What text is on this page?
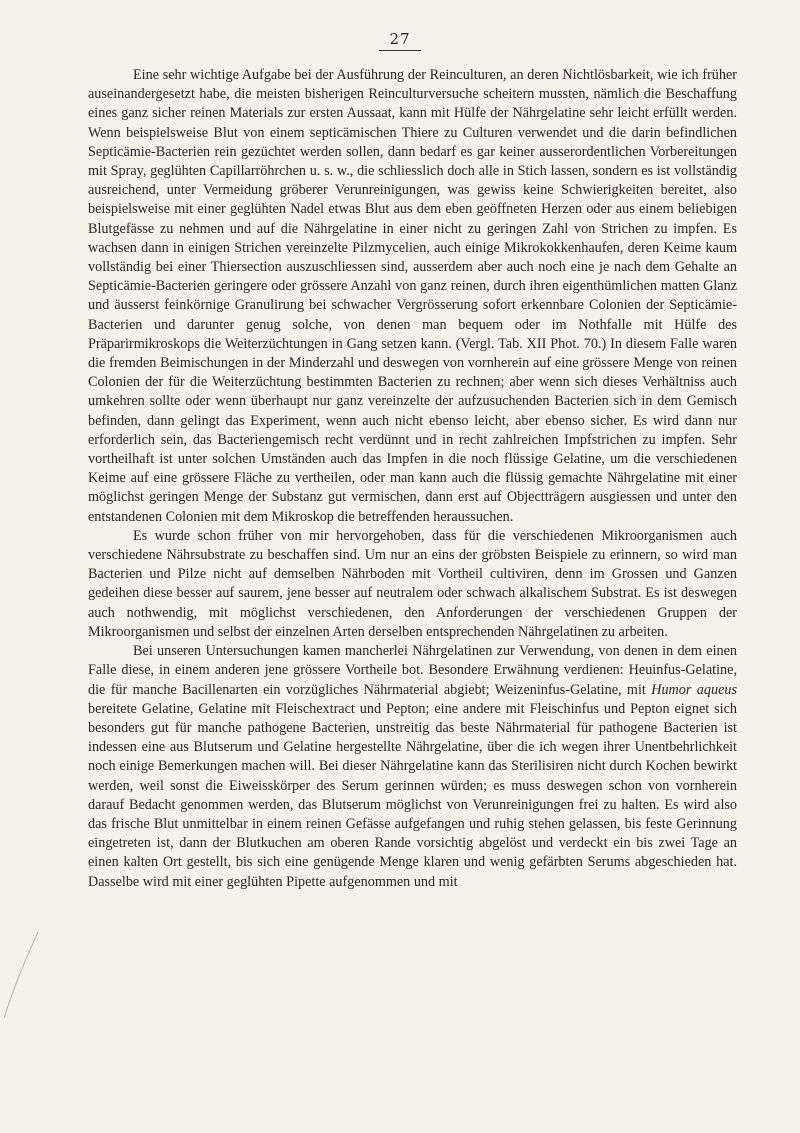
27

Eine sehr wichtige Aufgabe bei der Ausführung der Reinculturen, an deren Nichtlösbarkeit, wie ich früher auseinandergesetzt habe, die meisten bisherigen Reinculturversuche scheitern mussten, nämlich die Beschaffung eines ganz sicher reinen Materials zur ersten Aussaat, kann mit Hülfe der Nährgelatine sehr leicht erfüllt werden. Wenn beispielsweise Blut von einem septicämischen Thiere zu Culturen verwendet und die darin befindlichen Septicämie-Bacterien rein gezüchtet werden sollen, dann bedarf es gar keiner ausserordentlichen Vorbereitungen mit Spray, geglühten Capillarröhrchen u. s. w., die schliesslich doch alle in Stich lassen, sondern es ist vollständig ausreichend, unter Vermeidung gröberer Verunreinigungen, was gewiss keine Schwierigkeiten bereitet, also beispielsweise mit einer geglühten Nadel etwas Blut aus dem eben geöffneten Herzen oder aus einem beliebigen Blutgefässe zu nehmen und auf die Nährgelatine in einer nicht zu geringen Zahl von Strichen zu impfen. Es wachsen dann in einigen Strichen vereinzelte Pilzmycelien, auch einige Mikrokokkenhaufen, deren Keime kaum vollständig bei einer Thiersection auszuschliessen sind, ausserdem aber auch noch eine je nach dem Gehalte an Septicämie-Bacterien geringere oder grössere Anzahl von ganz reinen, durch ihren eigenthümlichen matten Glanz und äusserst feinkörnige Granulirung bei schwacher Vergrösserung sofort erkennbare Colonien der Septicämie-Bacterien und darunter genug solche, von denen man bequem oder im Nothfalle mit Hülfe des Präparirmikroskops die Weiterzüchtungen in Gang setzen kann. (Vergl. Tab. XII Phot. 70.) In diesem Falle waren die fremden Beimischungen in der Minderzahl und deswegen von vornherein auf eine grössere Menge von reinen Colonien der für die Weiterzüchtung bestimmten Bacterien zu rechnen; aber wenn sich dieses Verhältniss auch umkehren sollte oder wenn überhaupt nur ganz vereinzelte der aufzusuchenden Bacterien sich in dem Gemisch befinden, dann gelingt das Experiment, wenn auch nicht ebenso leicht, aber ebenso sicher. Es wird dann nur erforderlich sein, das Bacteriengemisch recht verdünnt und in recht zahlreichen Impfstrichen zu impfen. Sehr vortheilhaft ist unter solchen Umständen auch das Impfen in die noch flüssige Gelatine, um die verschiedenen Keime auf eine grössere Fläche zu vertheilen, oder man kann auch die flüssig gemachte Nährgelatine mit einer möglichst geringen Menge der Substanz gut vermischen, dann erst auf Objectträgern ausgiessen und unter den entstandenen Colonien mit dem Mikroskop die betreffenden heraussuchen.

Es wurde schon früher von mir hervorgehoben, dass für die verschiedenen Mikroorganismen auch verschiedene Nährsubstrate zu beschaffen sind. Um nur an eins der gröbsten Beispiele zu erinnern, so wird man Bacterien und Pilze nicht auf demselben Nährboden mit Vortheil cultiviren, denn im Grossen und Ganzen gedeihen diese besser auf saurem, jene besser auf neutralem oder schwach alkalischem Substrat. Es ist deswegen auch nothwendig, mit möglichst verschiedenen, den Anforderungen der verschiedenen Gruppen der Mikroorganismen und selbst der einzelnen Arten derselben entsprechenden Nährgelatinen zu arbeiten.

Bei unseren Untersuchungen kamen mancherlei Nährgelatinen zur Verwendung, von denen in dem einen Falle diese, in einem anderen jene grössere Vortheile bot. Besondere Erwähnung verdienen: Heuinfus-Gelatine, die für manche Bacillenarten ein vorzügliches Nährmaterial abgiebt; Weizeninfus-Gelatine, mit Humor aqueus bereitete Gelatine, Gelatine mit Fleischextract und Pepton; eine andere mit Fleischinfus und Pepton eignet sich besonders gut für manche pathogene Bacterien, unstreitig das beste Nährmaterial für pathogene Bacterien ist indessen eine aus Blutserum und Gelatine hergestellte Nährgelatine, über die ich wegen ihrer Unentbehrlichkeit noch einige Bemerkungen machen will. Bei dieser Nährgelatine kann das Sterilisiren nicht durch Kochen bewirkt werden, weil sonst die Eiweisskörper des Serum gerinnen würden; es muss deswegen schon von vornherein darauf Bedacht genommen werden, das Blutserum möglichst von Verunreinigungen frei zu halten. Es wird also das frische Blut unmittelbar in einem reinen Gefässe aufgefangen und ruhig stehen gelassen, bis feste Gerinnung eingetreten ist, dann der Blutkuchen am oberen Rande vorsichtig abgelöst und verdeckt ein bis zwei Tage an einen kalten Ort gestellt, bis sich eine genügende Menge klaren und wenig gefärbten Serums abgeschieden hat. Dasselbe wird mit einer geglühten Pipette aufgenommen und mit
